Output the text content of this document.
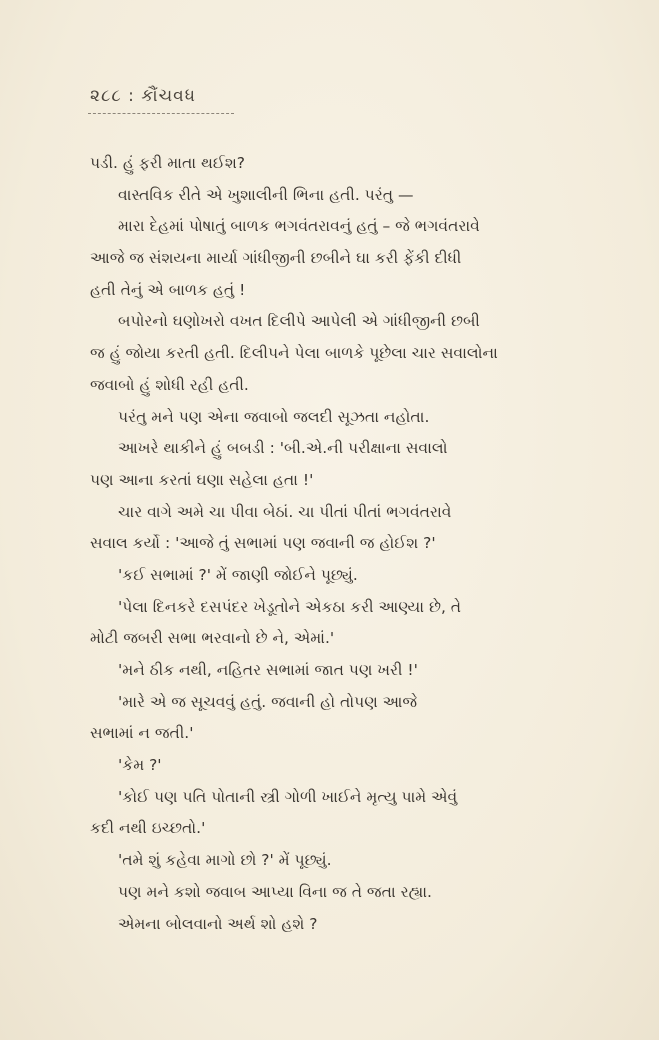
૨૮૮ : કૌંચવધ
પડી. હું ફરી માતા થઈશ?
વાસ્તવિક રીતે એ ખુશાલીની ભિના હતી. પરંતુ —
મારા દેહમાં પોષાતું બાળક ભગવંતરાવનું હતું – જે ભગવંતરાવે
આજે જ સંશયના માર્યા ગાંધીજીની છબીને ઘા કરી ફેંકી દીધી
હતી તેનું એ બાળક હતું !
બપોરનો ઘણોખરો વખત દિલીપે આપેલી એ ગાંધીજીની છબી
જ હું જોયા કરતી હતી. દિલીપને પેલા બાળકે પૂછેલા ચાર સવાલોના
જવાબો હું શોધી રહી હતી.
પરંતુ મને પણ એના જવાબો જલદી સૂઝતા નહોતા.
આખરે થાકીને હું બબડી : 'બી.એ.ની પરીક્ષાના સવાલો
પણ આના કરતાં ઘણા સહેલા હતા !'
ચાર વાગે અમે ચા પીવા બેઠાં. ચા પીતાં પીતાં ભગવંતરાવે
સવાલ કર્યો : 'આજે તું સભામાં પણ જવાની જ હોઈશ ?'
'કઈ સભામાં ?' મેં જાણી જોઈને પૂછ્યું.
'પેલા દિનકરે દસપંદર ખેડૂતોને એકઠા કરી આણ્યા છે, તે
મોટી જબરી સભા ભરવાનો છે ને, એમાં.'
'મને ઠીક નથી, નહિતર સભામાં જાત પણ ખરી !'
'મારે એ જ સૂચવવું હતું. જવાની હો તોપણ આજે
સભામાં ન જતી.'
'કેમ ?'
'કોઈ પણ પતિ પોતાની સ્ત્રી ગોળી ખાઈને મૃત્યુ પામે એવું
કદી નથી ઇચ્છતો.'
'તમે શું કહેવા માગો છો ?' મેં પૂછ્યું.
પણ મને કશો જવાબ આપ્યા વિના જ તે જતા રહ્યા.
એમના બોલવાનો અર્થ શો હશે ?
